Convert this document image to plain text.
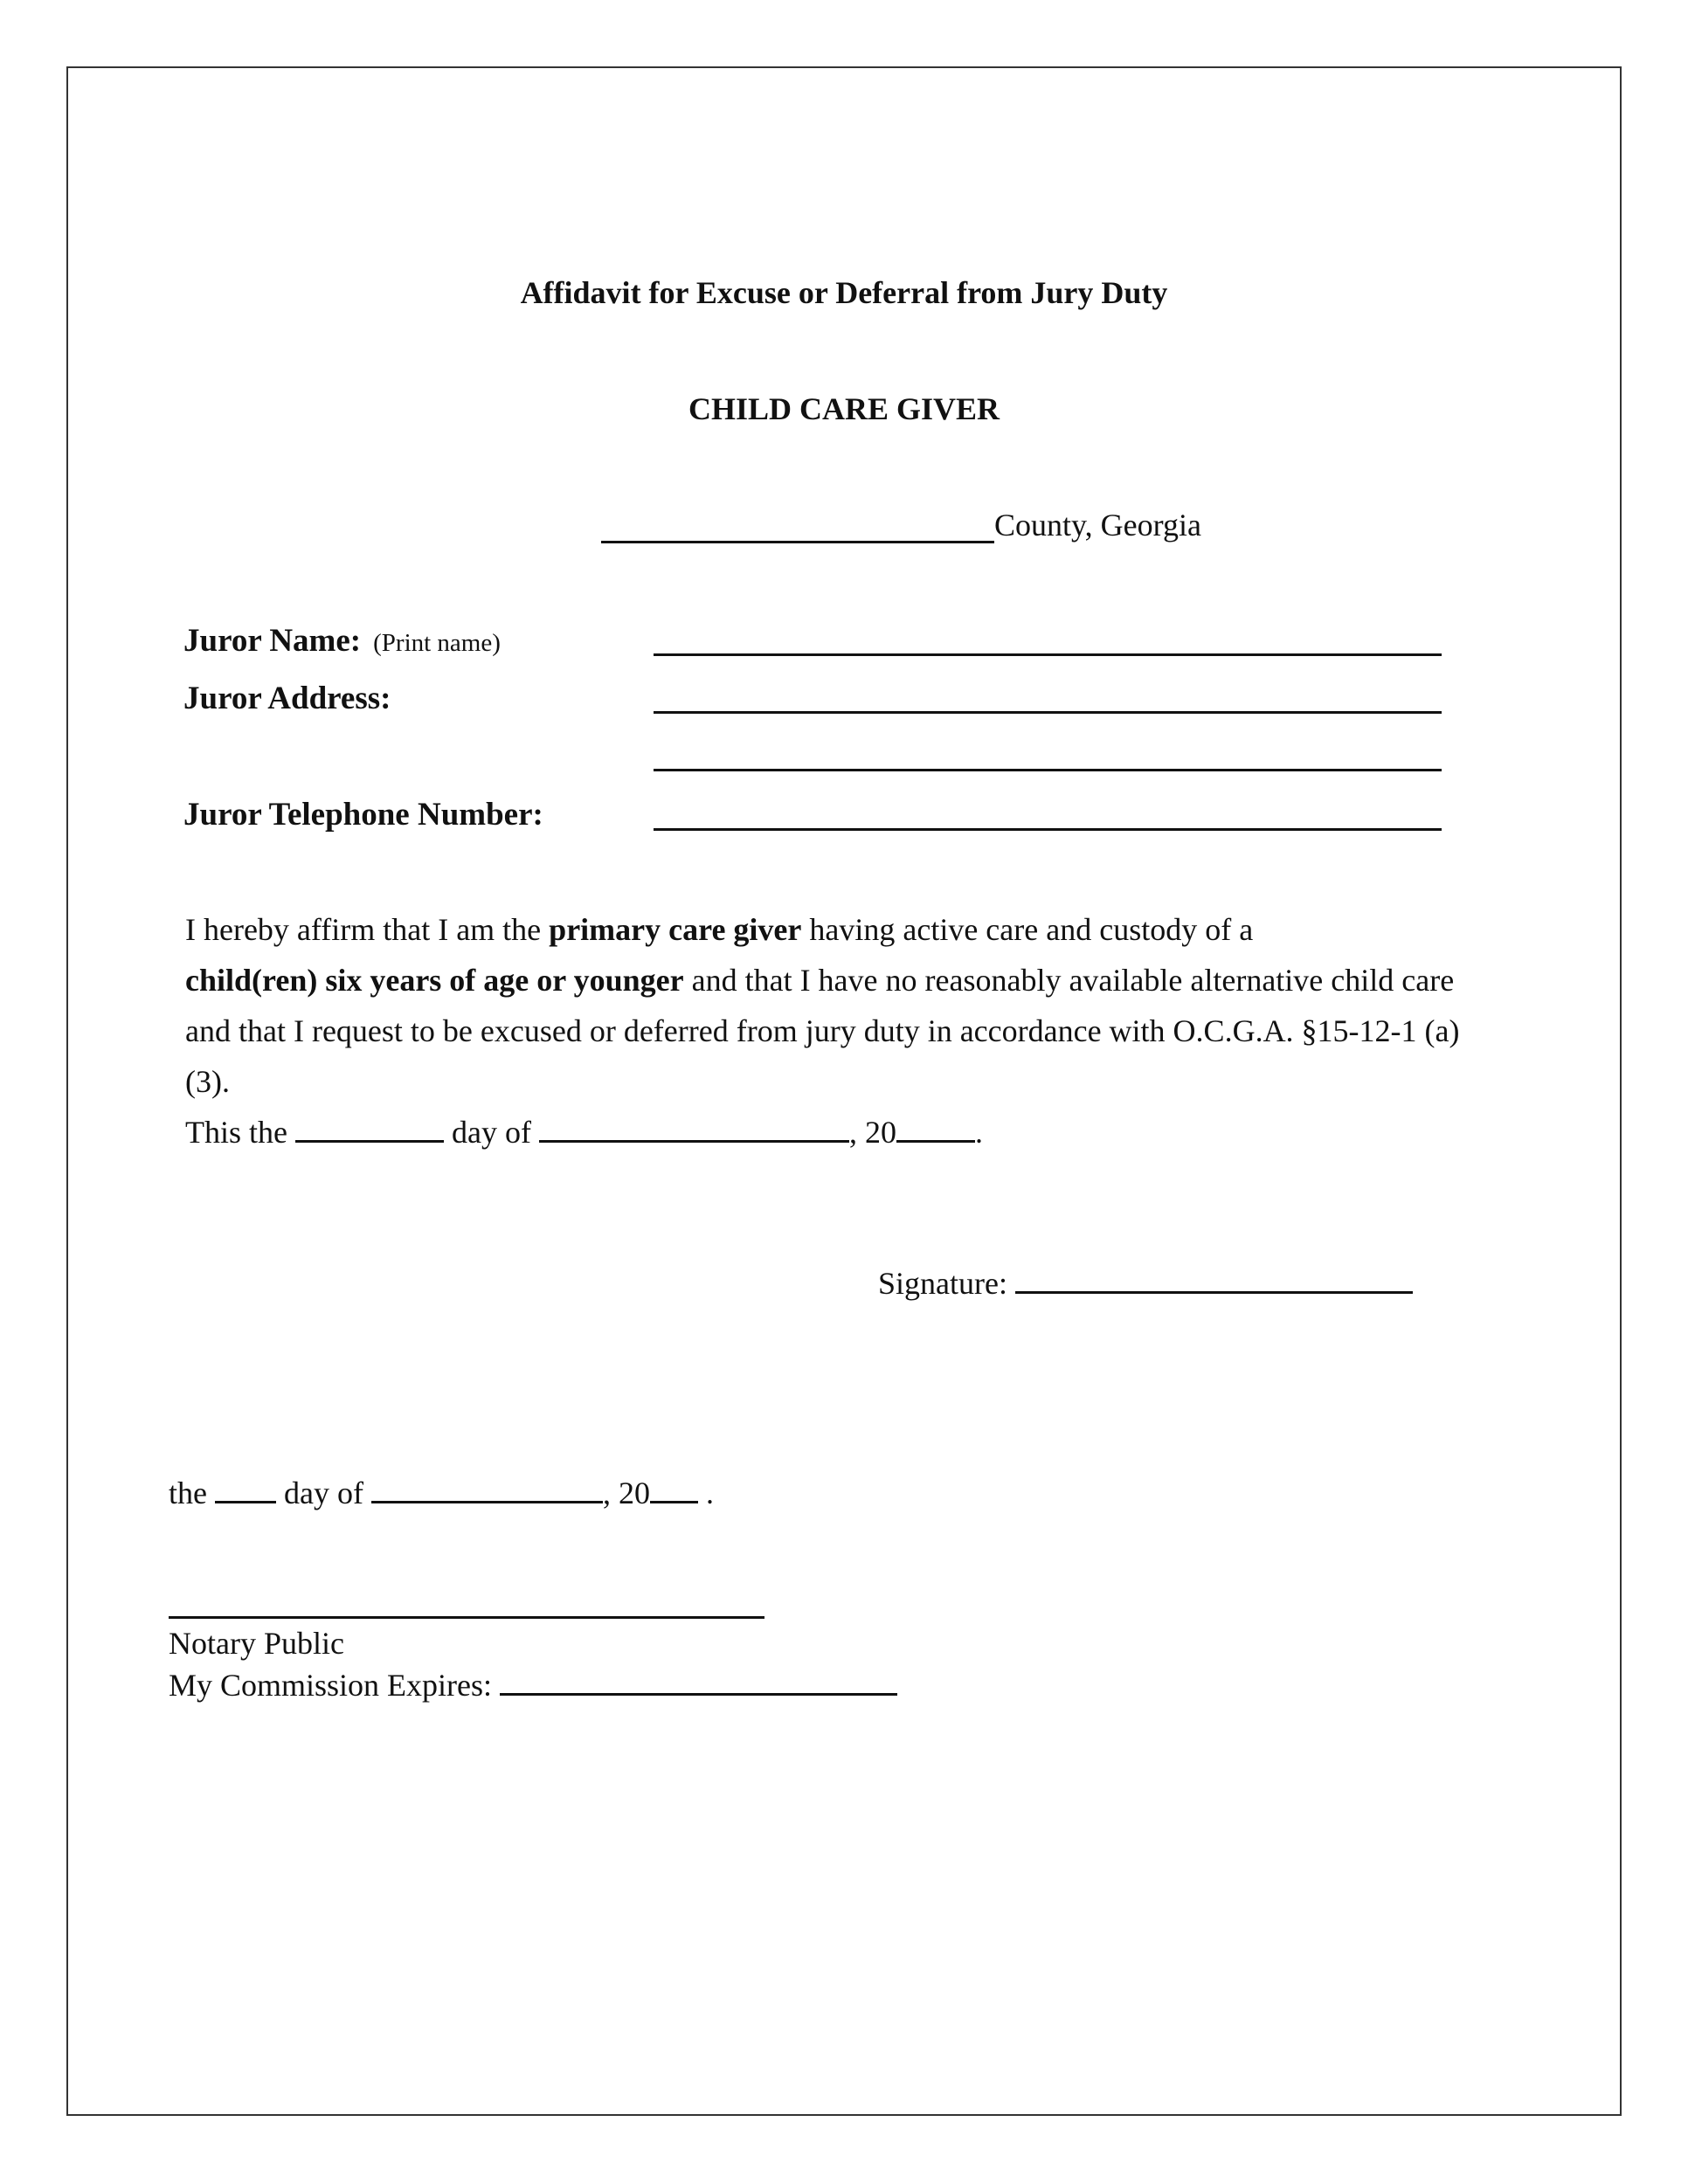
Affidavit for Excuse or Deferral from Jury Duty
CHILD CARE GIVER
County, Georgia
Juror Name: (Print name)
Juror Address:
Juror Telephone Number:

I hereby affirm that I am the primary care giver having active care and custody of a
child(ren) six years of age or younger and that I have no reasonably available alternative child care and that I request to be excused or deferred from jury duty in accordance with O.C.G.A. §15-12-1 (a) (3).

This the	day of	, 20	.

Signature:
the  day of	, 20 .
Notary Public
My Commission Expires:
